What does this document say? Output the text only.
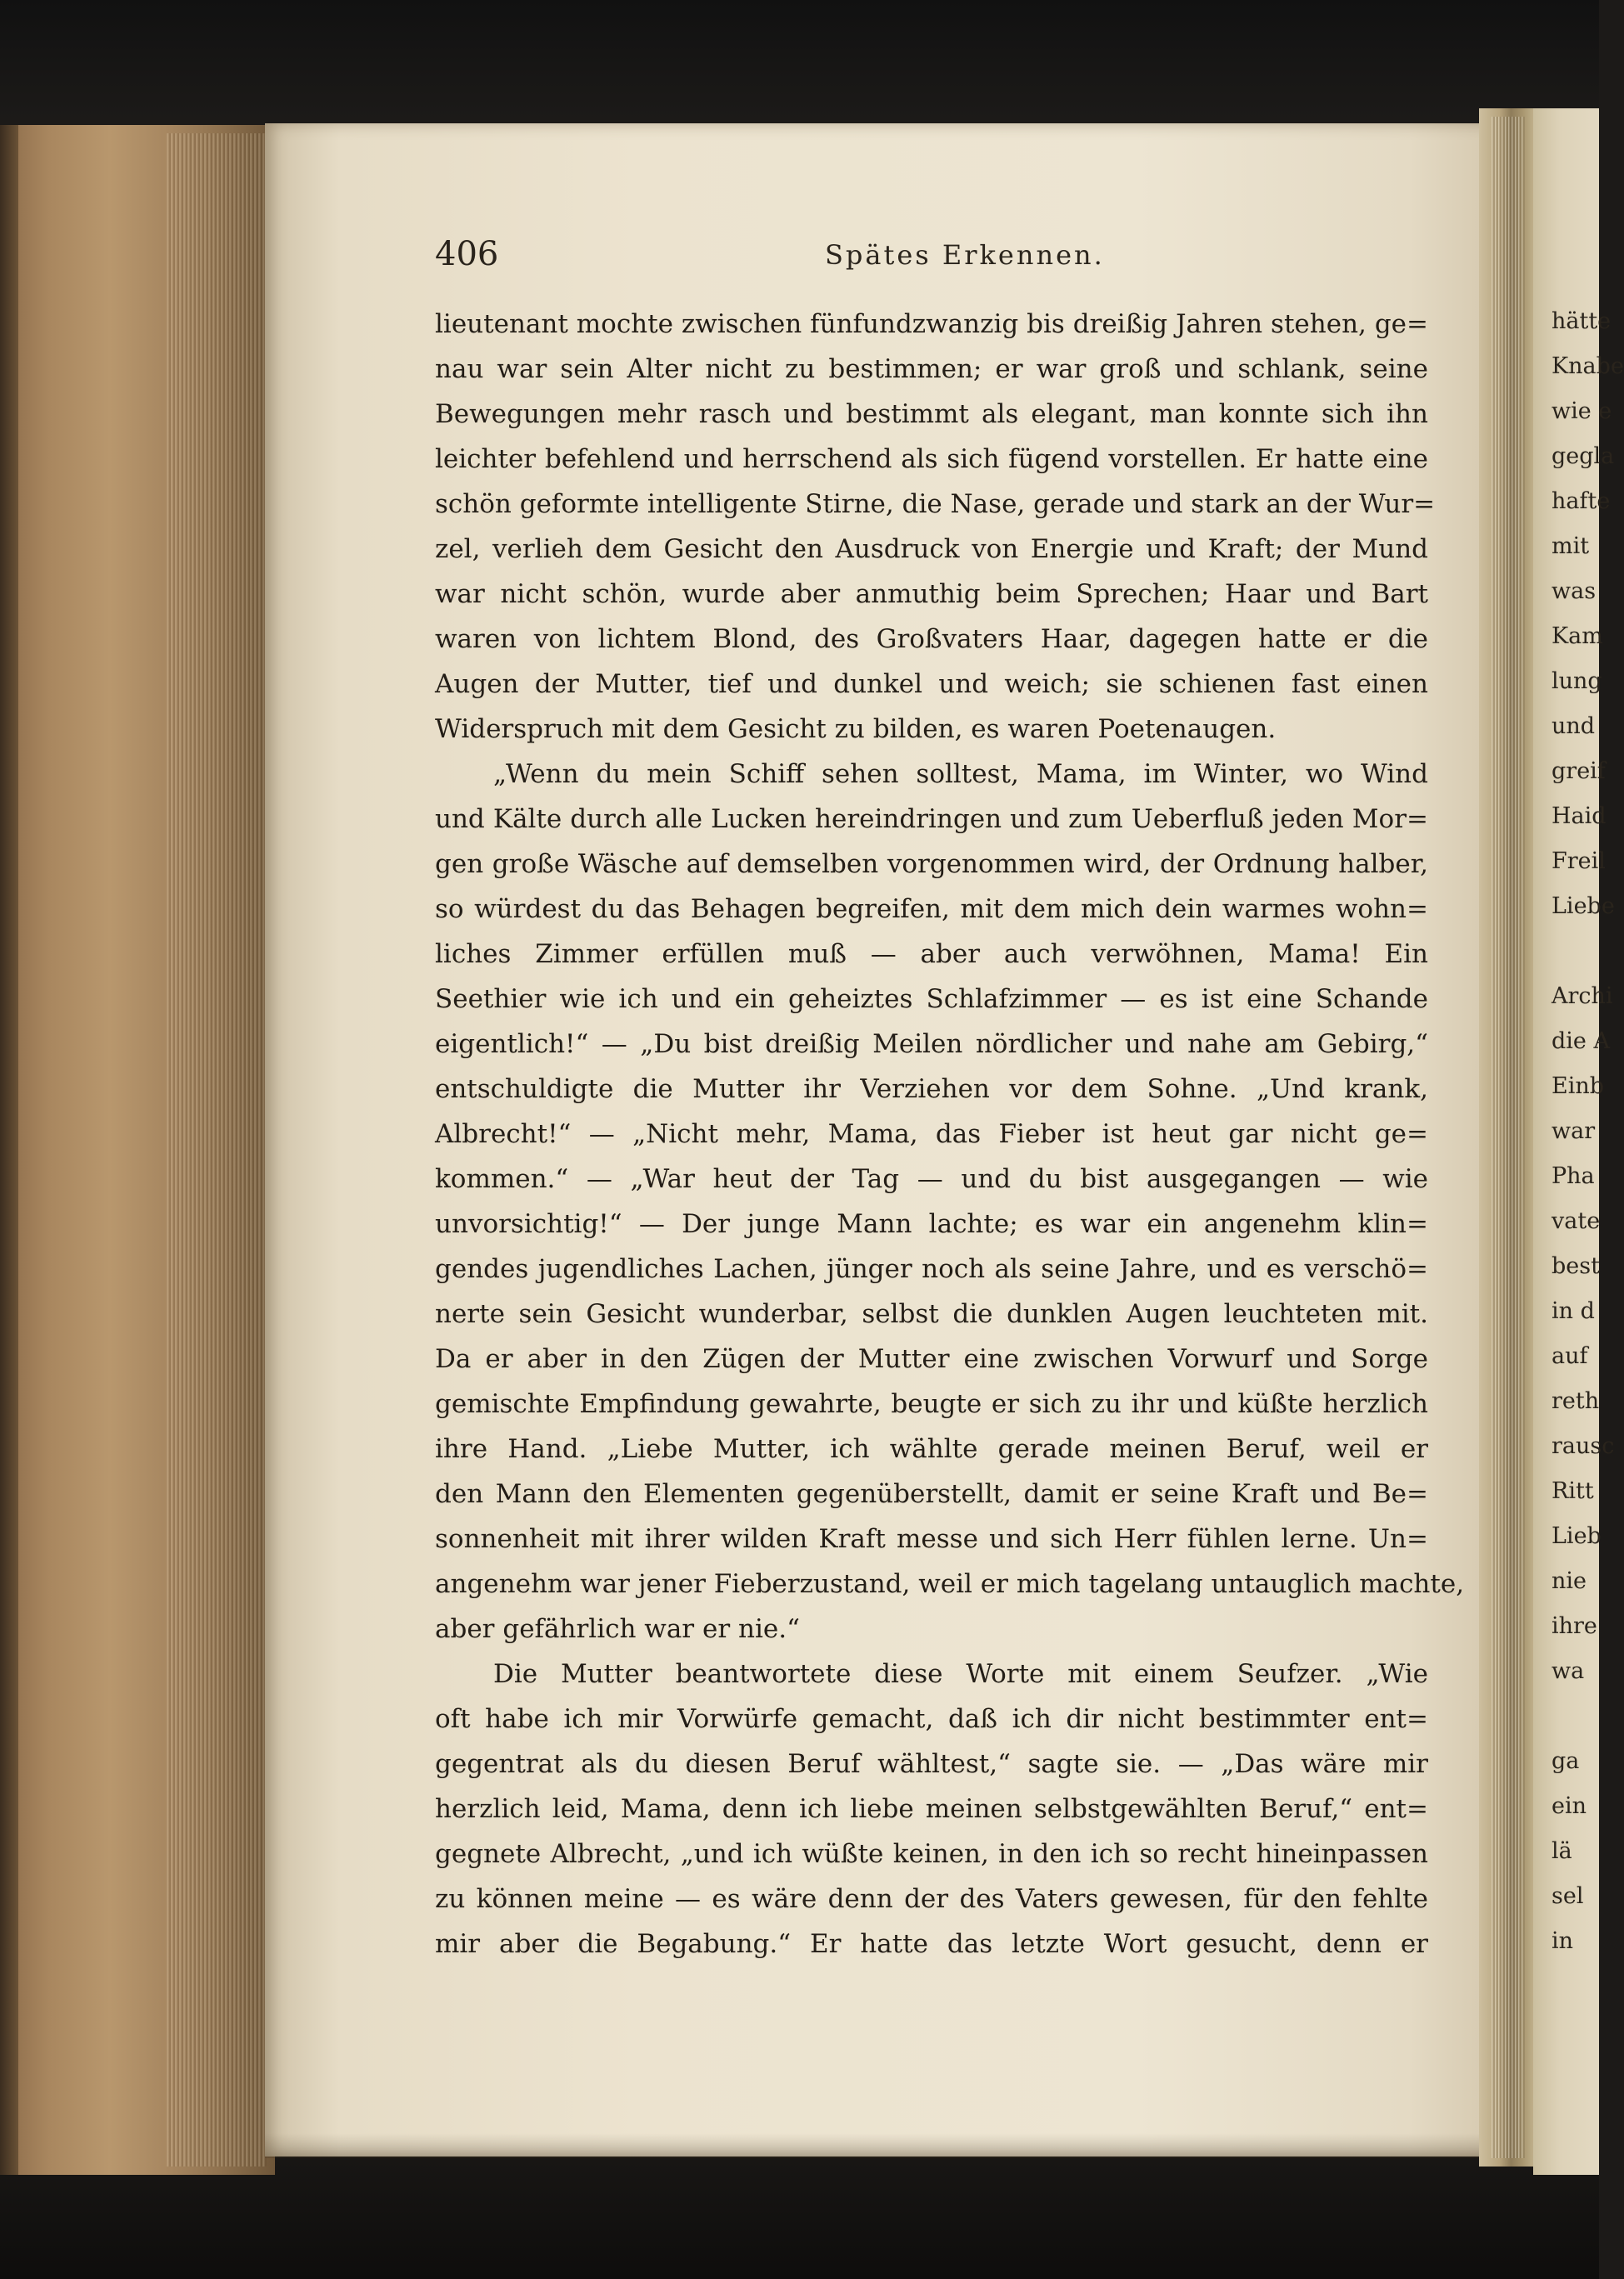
406	Spätes Erkennen.
lieutenant mochte zwischen fünfundzwanzig bis dreißig Jahren stehen, ge=
nau war sein Alter nicht zu bestimmen; er war groß und schlank, seine
Bewegungen mehr rasch und bestimmt als elegant, man konnte sich ihn
leichter befehlend und herrschend als sich fügend vorstellen. Er hatte eine
schön geformte intelligente Stirne, die Nase, gerade und stark an der Wur=
zel, verlieh dem Gesicht den Ausdruck von Energie und Kraft; der Mund
war nicht schön, wurde aber anmuthig beim Sprechen; Haar und Bart
waren von lichtem Blond, des Großvaters Haar, dagegen hatte er die
Augen der Mutter, tief und dunkel und weich; sie schienen fast einen
Widerspruch mit dem Gesicht zu bilden, es waren Poetenaugen.
„Wenn du mein Schiff sehen solltest, Mama, im Winter, wo Wind
und Kälte durch alle Lucken hereindringen und zum Ueberfluß jeden Mor=
gen große Wäsche auf demselben vorgenommen wird, der Ordnung halber,
so würdest du das Behagen begreifen, mit dem mich dein warmes wohn=
liches Zimmer erfüllen muß — aber auch verwöhnen, Mama! Ein
Seethier wie ich und ein geheiztes Schlafzimmer — es ist eine Schande
eigentlich!“ — „Du bist dreißig Meilen nördlicher und nahe am Gebirg,“
entschuldigte die Mutter ihr Verziehen vor dem Sohne. „Und krank,
Albrecht!“ — „Nicht mehr, Mama, das Fieber ist heut gar nicht ge=
kommen.“ — „War heut der Tag — und du bist ausgegangen — wie
unvorsichtig!“ — Der junge Mann lachte; es war ein angenehm klin=
gendes jugendliches Lachen, jünger noch als seine Jahre, und es verschö=
nerte sein Gesicht wunderbar, selbst die dunklen Augen leuchteten mit.
Da er aber in den Zügen der Mutter eine zwischen Vorwurf und Sorge
gemischte Empfindung gewahrte, beugte er sich zu ihr und küßte herzlich
ihre Hand. „Liebe Mutter, ich wählte gerade meinen Beruf, weil er
den Mann den Elementen gegenüberstellt, damit er seine Kraft und Be=
sonnenheit mit ihrer wilden Kraft messe und sich Herr fühlen lerne. Un=
angenehm war jener Fieberzustand, weil er mich tagelang untauglich machte,
aber gefährlich war er nie.“
Die Mutter beantwortete diese Worte mit einem Seufzer. „Wie
oft habe ich mir Vorwürfe gemacht, daß ich dir nicht bestimmter ent=
gegentrat als du diesen Beruf wähltest,“ sagte sie. — „Das wäre mir
herzlich leid, Mama, denn ich liebe meinen selbstgewählten Beruf,“ ent=
gegnete Albrecht, „und ich wüßte keinen, in den ich so recht hineinpassen
zu können meine — es wäre denn der des Vaters gewesen, für den fehlte
mir aber die Begabung.“ Er hatte das letzte Wort gesucht, denn er
hätte
Knabe
wie e
gegla
hafte
mit
was
Kam
lung
und
greif
Haid
Freil
Liebe
Archi
die A
Einb
war
Pha
vate
best
in d
auf
reth
rausc
Ritt
Lieb
nie
ihre
wa
ga
ein
lä
sel
in
